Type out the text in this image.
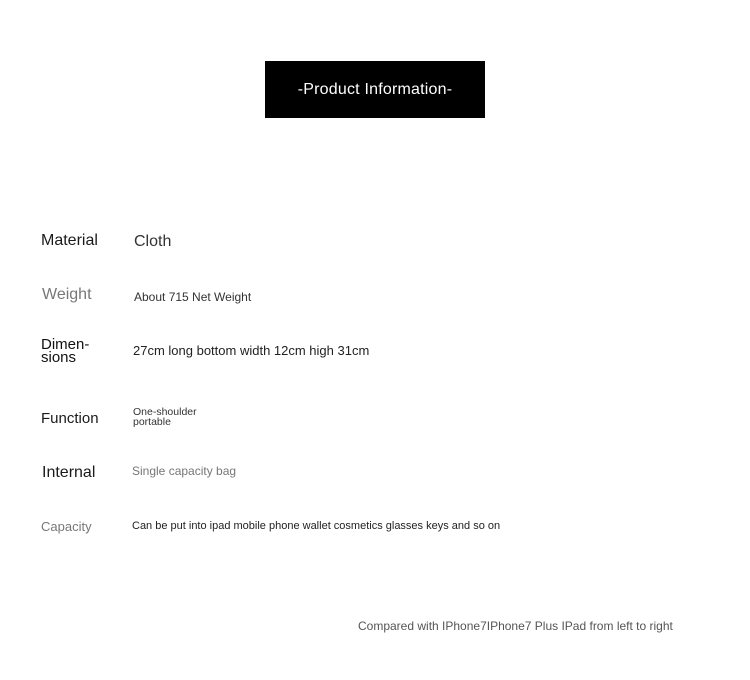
-Product Information-
Material Cloth
Weight	About 715 Net Weight
Dimen-
sions	27cm long bottom width 12cm high 31cm
Function	One-shoulder
portable
Internal	Single capacity bag
Capacity	Can be put into ipad mobile phone wallet cosmetics glasses keys and so on
Compared with IPhone7IPhone7 Plus IPad from left to right
